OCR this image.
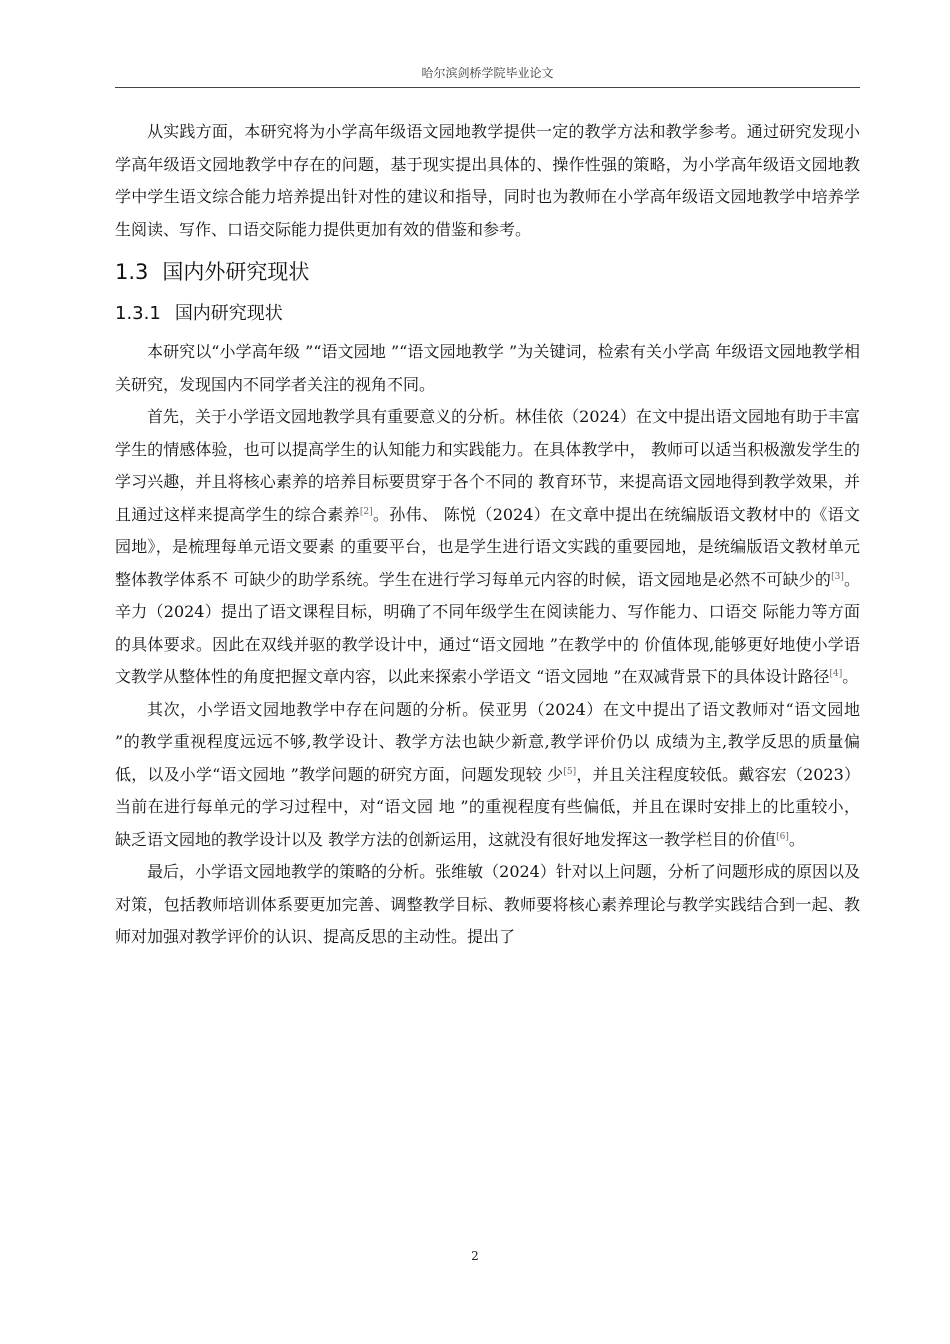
哈尔滨剑桥学院毕业论文

从实践方面，本研究将为小学高年级语文园地教学提供一定的教学方法和教学参考。通过研究发现小学高年级语文园地教学中存在的问题，基于现实提出具体的、操作性强的策略，为小学高年级语文园地教学中学生语文综合能力培养提出针对性的建议和指导，同时也为教师在小学高年级语文园地教学中培养学生阅读、写作、口语交际能力提供更加有效的借鉴和参考。

1.3 国内外研究现状
1.3.1 国内研究现状

本研究以“小学高年级 ”“语文园地 ”“语文园地教学 ”为关键词，检索有关小学高 年级语文园地教学相关研究，发现国内不同学者关注的视角不同。

首先，关于小学语文园地教学具有重要意义的分析。林佳依（2024）在文中提出语文园地有助于丰富学生的情感体验，也可以提高学生的认知能力和实践能力。在具体教学中， 教师可以适当积极激发学生的学习兴趣，并且将核心素养的培养目标要贯穿于各个不同的 教育环节，来提高语文园地得到教学效果，并且通过这样来提高学生的综合素养[2]。孙伟、 陈悦（2024）在文章中提出在统编版语文教材中的《语文园地》，是梳理每单元语文要素 的重要平台，也是学生进行语文实践的重要园地，是统编版语文教材单元整体教学体系不 可缺少的助学系统。学生在进行学习每单元内容的时候，语文园地是必然不可缺少的[3]。 辛力（2024）提出了语文课程目标，明确了不同年级学生在阅读能力、写作能力、口语交 际能力等方面的具体要求。因此在双线并驱的教学设计中，通过“语文园地 ”在教学中的 价值体现,能够更好地使小学语文教学从整体性的角度把握文章内容，以此来探索小学语文 “语文园地 ”在双减背景下的具体设计路径[4]。

其次，小学语文园地教学中存在问题的分析。侯亚男（2024）在文中提出了语文教师对“语文园地 ”的教学重视程度远远不够,教学设计、教学方法也缺少新意,教学评价仍以 成绩为主,教学反思的质量偏低，以及小学“语文园地 ”教学问题的研究方面，问题发现较 少[5]，并且关注程度较低。戴容宏（2023）当前在进行每单元的学习过程中，对“语文园 地 ”的重视程度有些偏低，并且在课时安排上的比重较小，缺乏语文园地的教学设计以及 教学方法的创新运用，这就没有很好地发挥这一教学栏目的价值[6]。

最后，小学语文园地教学的策略的分析。张维敏（2024）针对以上问题，分析了问题形成的原因以及对策，包括教师培训体系要更加完善、调整教学目标、教师要将核心素养理论与教学实践结合到一起、教师对加强对教学评价的认识、提高反思的主动性。提出了

2
